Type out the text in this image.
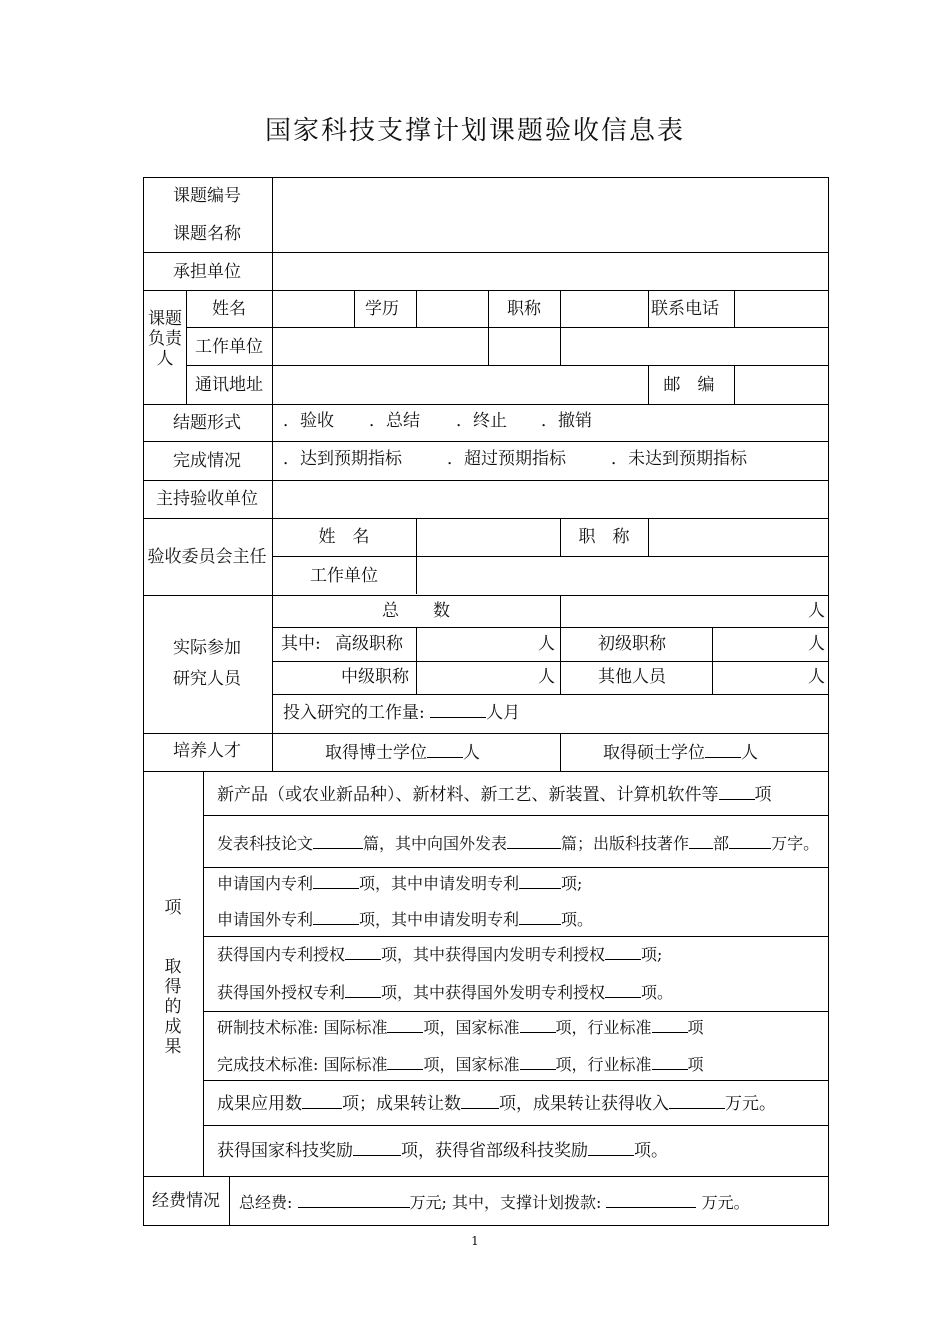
国家科技支撑计划课题验收信息表
课题编号
课题名称
承担单位
课题负责人
姓名	学历	职称	联系电话
工作单位
通讯地址	邮　编
结题形式 ．验收 ．总结 ．终止 ．撤销
完成情况 ．达到预期指标	．超过预期指标	．未达到预期指标
主持验收单位
验收委员会主任
姓　名	职　称
工作单位
实际参加
研究人员
总　　数	人
其中: 高级职称	人	初级职称	人
中级职称	人	其他人员	人
投入研究的工作量:	人月
培养人才	取得博士学位 人	取得硕士学位 人
项
取得的成果
新产品（或农业新品种）、新材料、新工艺、新装置、计算机软件等 项
发表科技论文	篇，其中向国外发表	篇；出版科技著作 部	万字。
申请国内专利	项，其中申请发明专利	项;
申请国外专利	项，其中申请发明专利	项。
获得国内专利授权 项，其中获得国内发明专利授权 项;
获得国外授权专利 项，其中获得国外发明专利授权 项。
研制技术标准: 国际标准 项，国家标准 项，行业标准 项
完成技术标准: 国际标准 项，国家标准 项，行业标准 项
成果应用数 项；成果转让数 项，成果转让获得收入	万元。
获得国家科技奖励	项，获得省部级科技奖励	项。
经费情况 总经费:	万元; 其中，支撑计划拨款:	万元。
1
